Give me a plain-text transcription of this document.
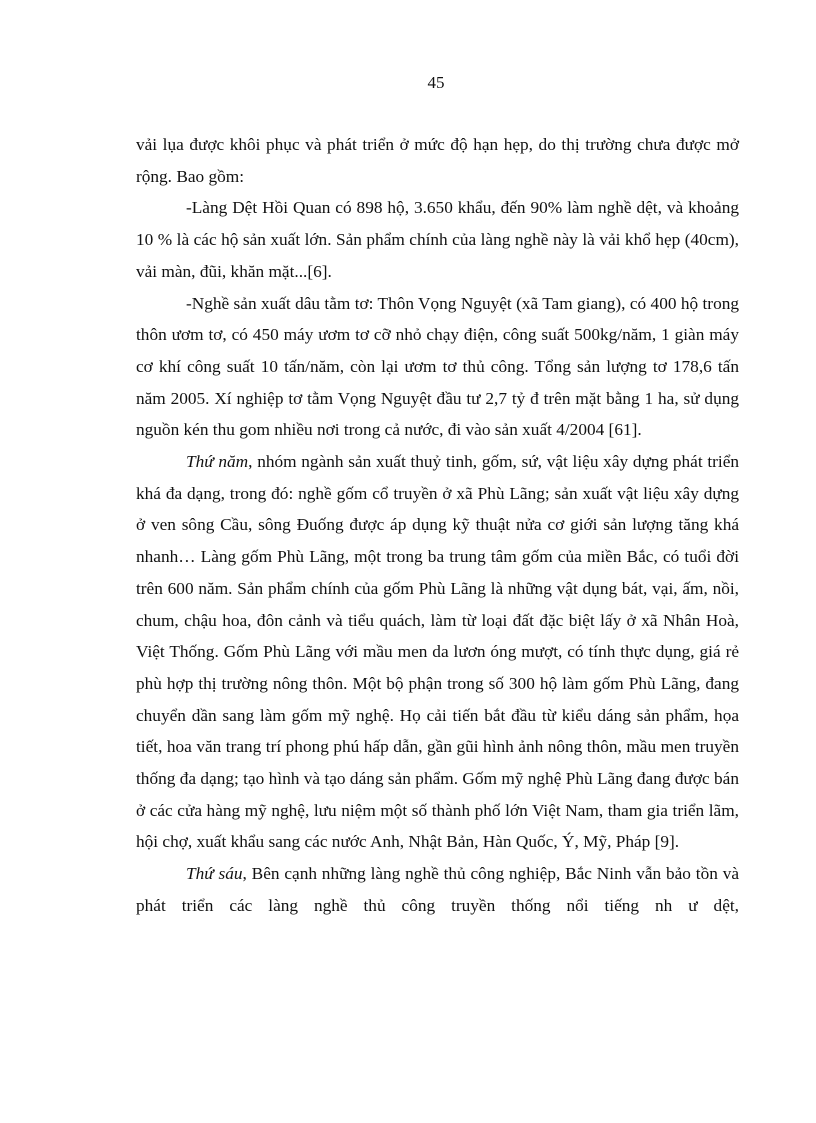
45

vải lụa được khôi phục và phát triển ở mức độ hạn hẹp, do thị trường chưa được mở rộng. Bao gồm:

-Làng Dệt Hồi Quan có 898 hộ, 3.650 khẩu, đến 90% làm nghề dệt, và khoảng 10 % là các hộ sản xuất lớn. Sản phẩm chính của làng nghề này là vải khổ hẹp (40cm), vải màn, đũi, khăn mặt...[6].

-Nghề sản xuất dâu tằm tơ: Thôn Vọng Nguyệt (xã Tam giang), có 400 hộ trong thôn ươm tơ, có 450 máy ươm tơ cỡ nhỏ chạy điện, công suất 500kg/năm, 1 giàn máy cơ khí công suất 10 tấn/năm, còn lại ươm tơ thủ công. Tổng sản lượng tơ 178,6 tấn năm 2005. Xí nghiệp tơ tằm Vọng Nguyệt đầu tư 2,7 tỷ đ trên mặt bằng 1 ha, sử dụng nguồn kén thu gom nhiều nơi trong cả nước, đi vào sản xuất 4/2004 [61].

Thứ năm, nhóm ngành sản xuất thuỷ tinh, gốm, sứ, vật liệu xây dựng phát triển khá đa dạng, trong đó: nghề gốm cổ truyền ở xã Phù Lãng; sản xuất vật liệu xây dựng ở ven sông Cầu, sông Đuống được áp dụng kỹ thuật nửa cơ giới sản lượng tăng khá nhanh… Làng gốm Phù Lãng, một trong ba trung tâm gốm của miền Bắc, có tuổi đời trên 600 năm. Sản phẩm chính của gốm Phù Lãng là những vật dụng bát, vại, ấm, nồi, chum, chậu hoa, đôn cảnh và tiểu quách, làm từ loại đất đặc biệt lấy ở xã Nhân Hoà, Việt Thống. Gốm Phù Lãng với mầu men da lươn óng mượt, có tính thực dụng, giá rẻ phù hợp thị trường nông thôn. Một bộ phận trong số 300 hộ làm gốm Phù Lãng, đang chuyển dần sang làm gốm mỹ nghệ. Họ cải tiến bắt đầu từ kiểu dáng sản phẩm, họa tiết, hoa văn trang trí phong phú hấp dẫn, gần gũi hình ảnh nông thôn, mầu men truyền thống đa dạng; tạo hình và tạo dáng sản phẩm. Gốm mỹ nghệ Phù Lãng đang được bán ở các cửa hàng mỹ nghệ, lưu niệm một số thành phố lớn Việt Nam, tham gia triển lãm, hội chợ, xuất khẩu sang các nước Anh, Nhật Bản, Hàn Quốc, Ý, Mỹ, Pháp [9].

Thứ sáu, Bên cạnh những làng nghề thủ công nghiệp, Bắc Ninh vẫn bảo tồn và phát triển các làng nghề thủ công truyền thống nổi tiếng nh ư dệt,
